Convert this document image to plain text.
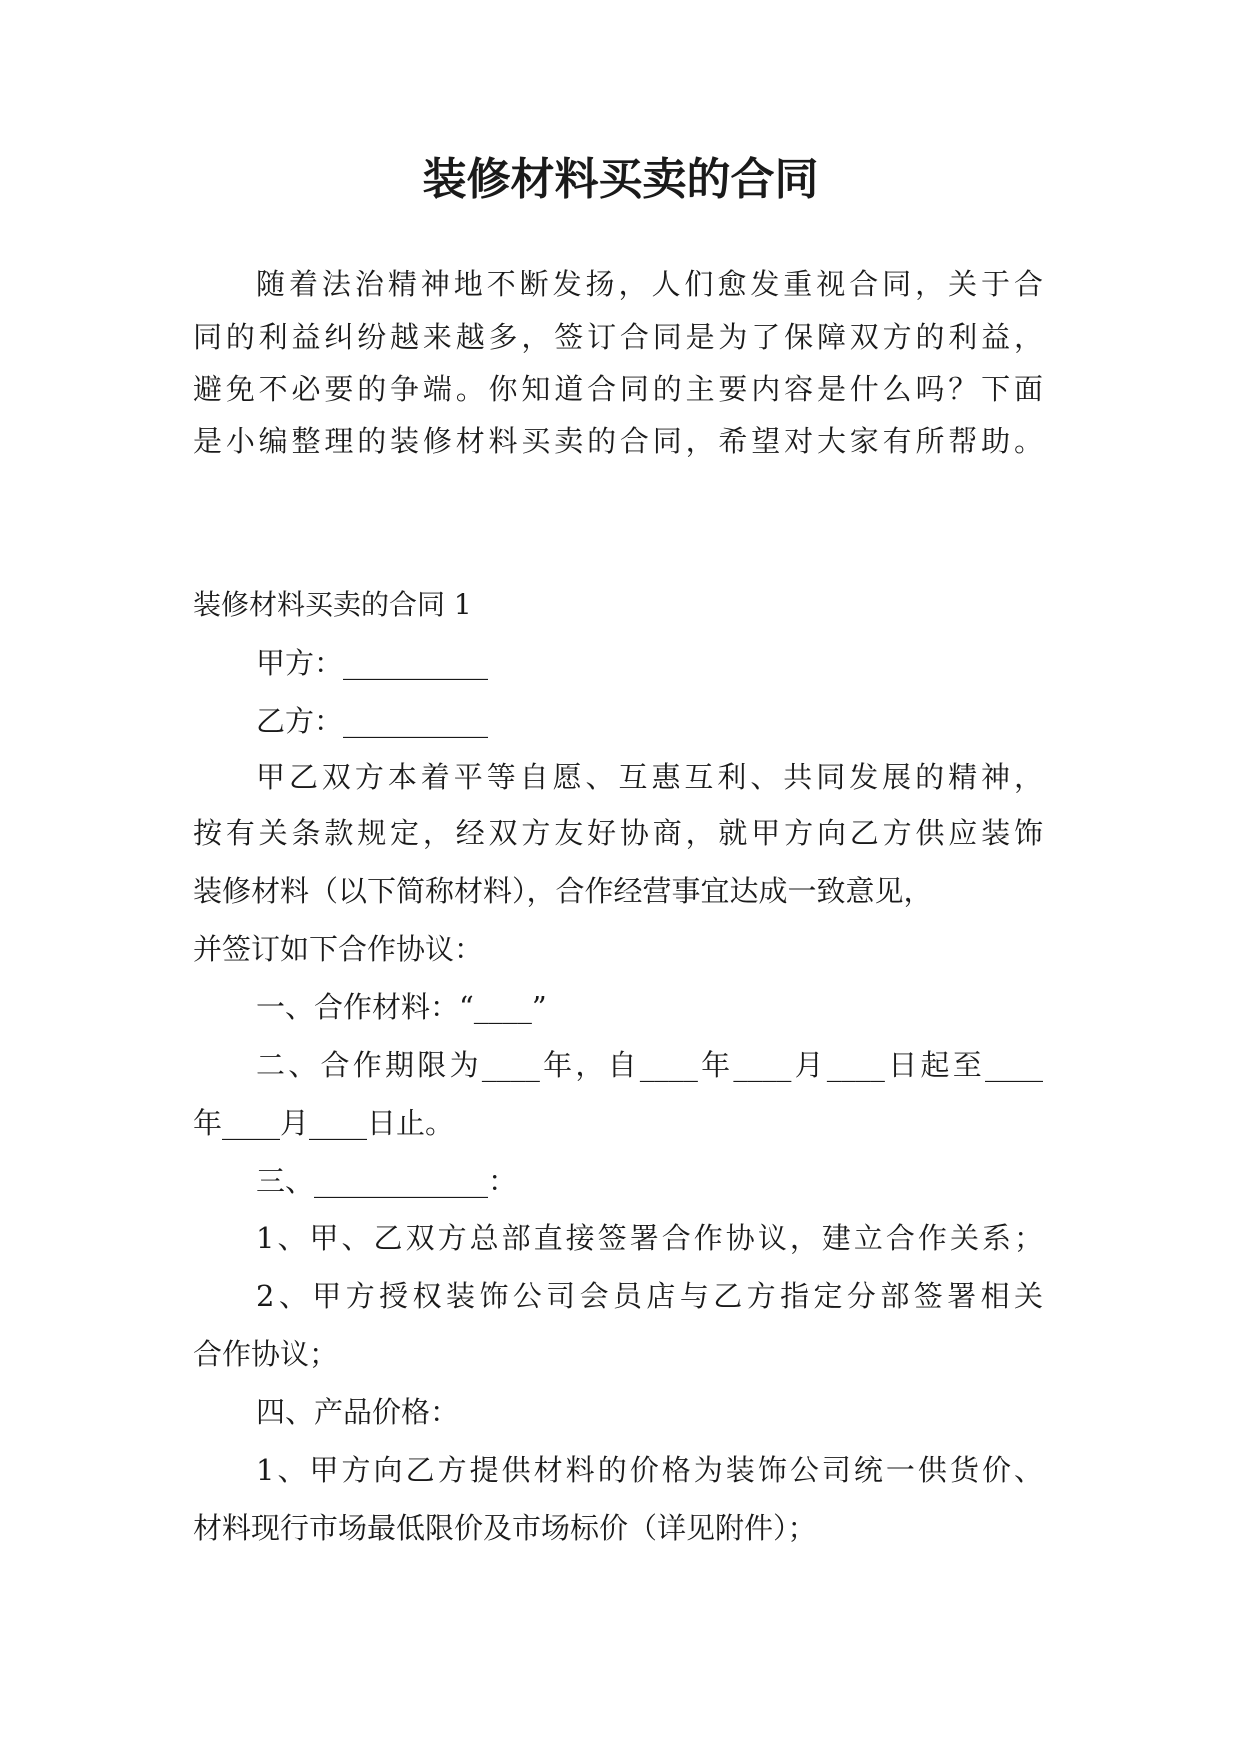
装修材料买卖的合同

随着法治精神地不断发扬，人们愈发重视合同，关于合

同的利益纠纷越来越多，签订合同是为了保障双方的利益，

避免不必要的争端。你知道合同的主要内容是什么吗？下面

是小编整理的装修材料买卖的合同，希望对大家有所帮助。

装修材料买卖的合同 1

甲方：__________

乙方：__________

甲乙双方本着平等自愿、互惠互利、共同发展的精神，

按有关条款规定，经双方友好协商，就甲方向乙方供应装饰

装修材料（以下简称材料），合作经营事宜达成一致意见，

并签订如下合作协议：

一、合作材料：“____”

二、合作期限为____年，自____年____月____日起至____

年____月____日止。

三、____________：

1、甲、乙双方总部直接签署合作协议，建立合作关系；

2、甲方授权装饰公司会员店与乙方指定分部签署相关

合作协议；

四、产品价格：

1、甲方向乙方提供材料的价格为装饰公司统一供货价、

材料现行市场最低限价及市场标价（详见附件）；
